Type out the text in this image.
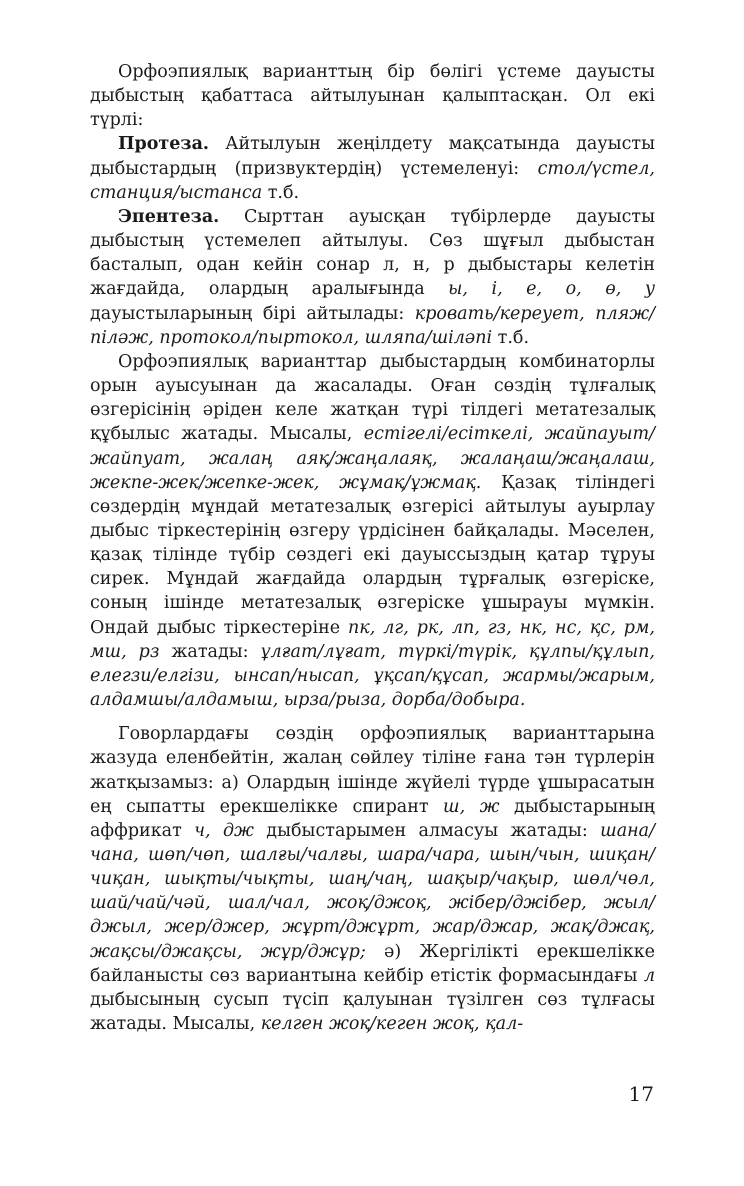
Орфоэпиялық варианттың бір бөлігі үстеме дауысты дыбыстың қабаттаса айтылуынан қалыптасқан. Ол екі түрлі:

Протеза. Айтылуын жеңілдету мақсатында дауысты дыбыстардың (призвуктердің) үстемеленуі: стол/үстел, станция/ыстанса т.б.

Эпентеза. Сырттан ауысқан түбірлерде дауысты дыбыстың үстемелеп айтылуы. Сөз шұғыл дыбыстан басталып, одан кейін сонар л, н, р дыбыстары келетін жағдайда, олардың аралығында ы, і, е, о, ө, у дауыстыларының бірі айтылады: кровать/кереует, пляж/пiләж, протокол/пыртокол, шляпа/шiләпi т.б.

Орфоэпиялық варианттар дыбыстардың комбинаторлы орын ауысуынан да жасалады. Оған сөздің тұлғалық өзгерісінің әріден келе жатқан түрі тілдегі метатезалық құбылыс жатады. Мысалы, естігелі/есіткелі, жайпауыт/жайпуат, жалаң аяқ/жаңалаяқ, жалаңаш/жаңалаш, жекпе-жек/жепке-жек, жұмақ/ұжмақ. Қазақ тіліндегі сөздердің мұндай метатезалық өзгерісі айтылуы ауырлау дыбыс тіркестерінің өзгеру үрдісінен байқалады. Мәселен, қазақ тілінде түбір сөздегі екі дауыссыздың қатар тұруы сирек. Мұндай жағдайда олардың тұрғалық өзгеріске, соның ішінде метатезалық өзгеріске ұшырауы мүмкін. Ондай дыбыс тіркестеріне пк, лг, рк, лп, гз, нк, нс, қс, рм, мш, рз жатады: ұлғат/лұғат, түркі/түрік, құлпы/құлып, елегзи/елгізи, ынсап/нысап, ұқсап/құсап, жармы/жарым, алдамшы/алдамыш, ырза/рыза, дорба/добыра.

Говорлардағы сөздің орфоэпиялық варианттарына жазуда еленбейтін, жалаң сөйлеу тіліне ғана тән түрлерін жатқызамыз: а) Олардың ішінде жүйелі түрде ұшырасатын ең сыпатты ерекшелікке спирант ш, ж дыбыстарының аффрикат ч, дж дыбыстарымен алмасуы жатады: шана/чана, шөп/чөп, шалғы/чалғы, шара/чара, шын/чын, шиқан/чиқан, шықты/чықты, шаң/чаң, шақыр/чақыр, шөл/чөл, шай/чай/чәй, шал/чал, жоқ/джоқ, жібер/джібер, жыл/джыл, жер/джер, жұрт/джұрт, жар/джар, жақ/джақ, жақсы/джақсы, жұр/джұр; ә) Жергілікті ерекшелікке байланысты сөз вариантына кейбір етістік формасындағы л дыбысының сусып түсіп қалуынан түзілген сөз тұлғасы жатады. Мысалы, келген жоқ/кеген жоқ, қал-

17
